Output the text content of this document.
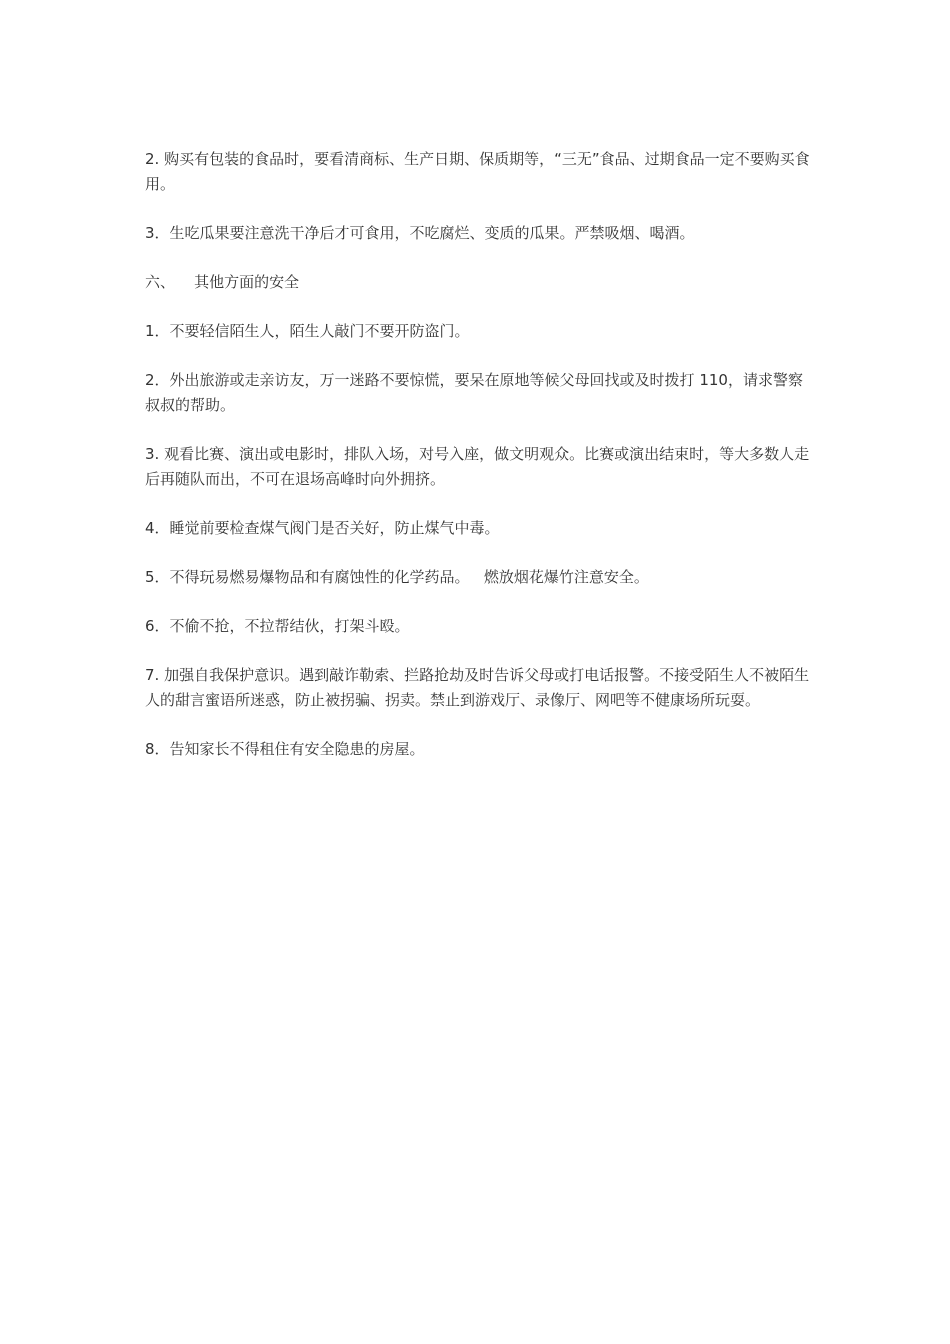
2. 购买有包装的食品时，要看清商标、生产日期、保质期等，“三无”食品、过期食品一定不要购买食用。

3．生吃瓜果要注意洗干净后才可食用，不吃腐烂、变质的瓜果。严禁吸烟、喝酒。

六、    其他方面的安全

1．不要轻信陌生人，陌生人敲门不要开防盗门。

2．外出旅游或走亲访友，万一迷路不要惊慌，要呆在原地等候父母回找或及时拨打 110，请求警察叔叔的帮助。

3. 观看比赛、演出或电影时，排队入场，对号入座，做文明观众。比赛或演出结束时，等大多数人走后再随队而出，不可在退场高峰时向外拥挤。

4．睡觉前要检查煤气阀门是否关好，防止煤气中毒。

5．不得玩易燃易爆物品和有腐蚀性的化学药品。   燃放烟花爆竹注意安全。

6．不偷不抢，不拉帮结伙，打架斗殴。

7. 加强自我保护意识。遇到敲诈勒索、拦路抢劫及时告诉父母或打电话报警。不接受陌生人不被陌生人的甜言蜜语所迷惑，防止被拐骗、拐卖。禁止到游戏厅、录像厅、网吧等不健康场所玩耍。

8．告知家长不得租住有安全隐患的房屋。
